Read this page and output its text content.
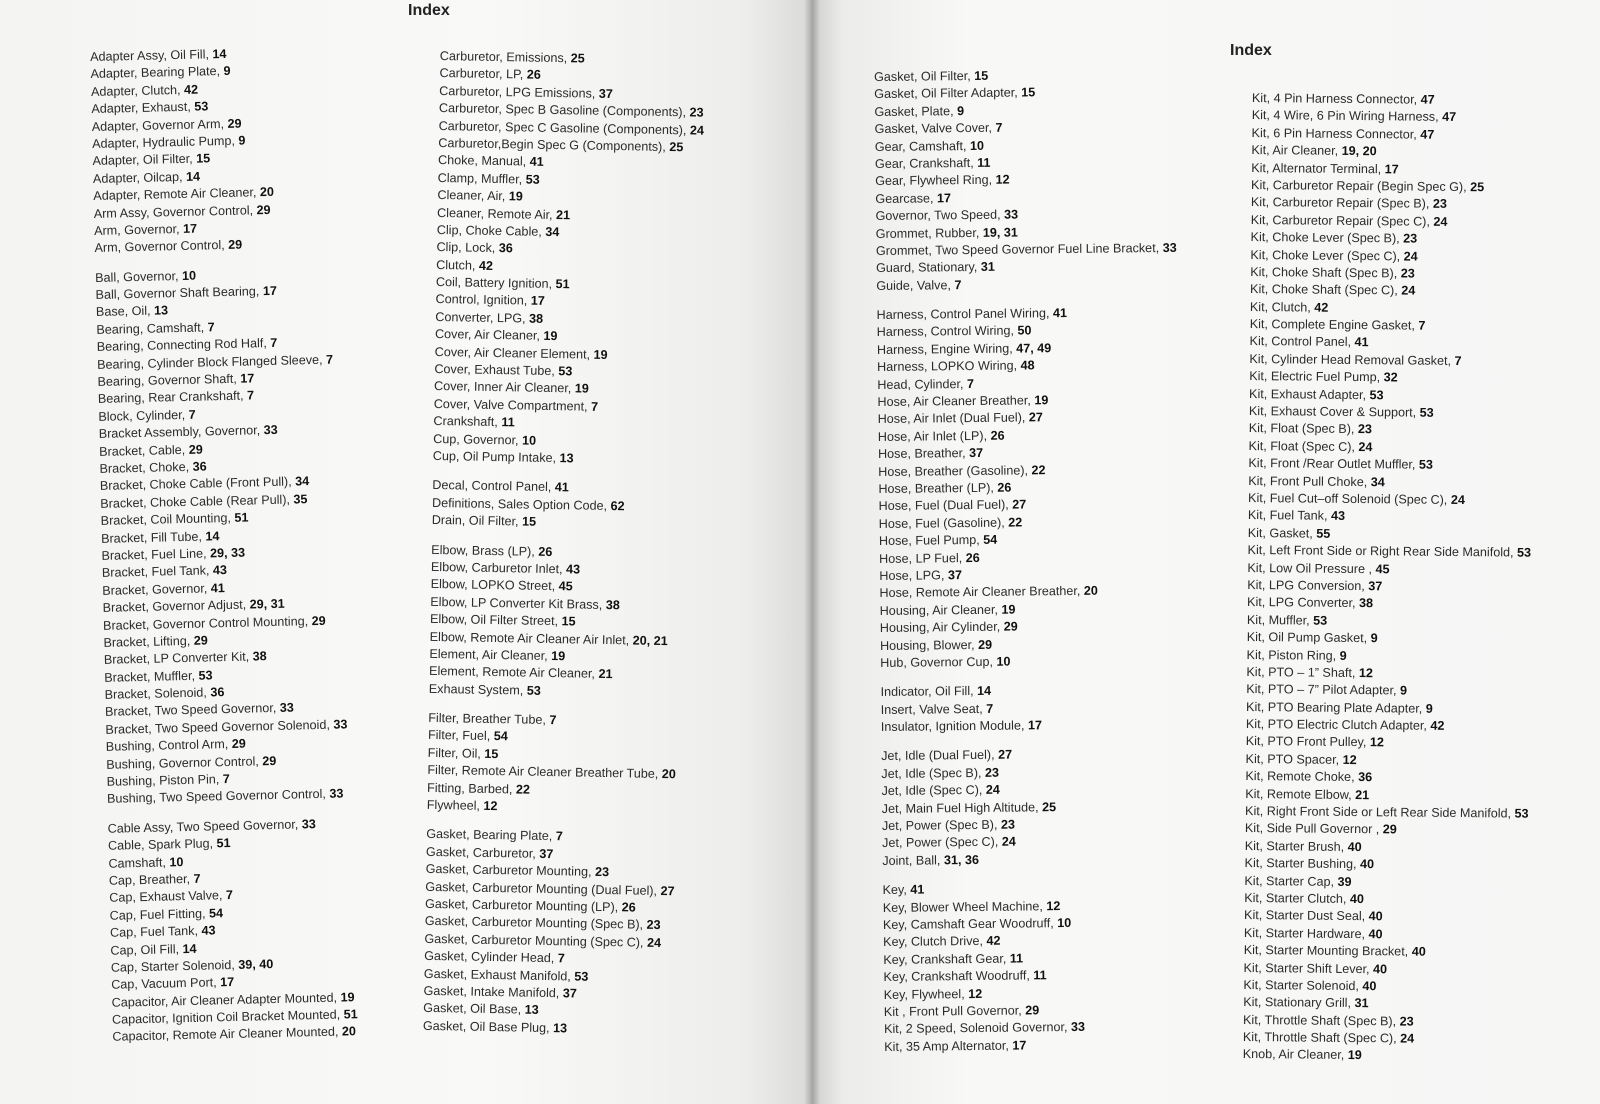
Index
Adapter Assy, Oil Fill, 14
Adapter, Bearing Plate, 9
Adapter, Clutch, 42
Adapter, Exhaust, 53
Adapter, Governor Arm, 29
Adapter, Hydraulic Pump, 9
Adapter, Oil Filter, 15
Adapter, Oilcap, 14
Adapter, Remote Air Cleaner, 20
Arm Assy, Governor Control, 29
Arm, Governor, 17
Arm, Governor Control, 29
Ball, Governor, 10
Ball, Governor Shaft Bearing, 17
Base, Oil, 13
Bearing, Camshaft, 7
Bearing, Connecting Rod Half, 7
Bearing, Cylinder Block Flanged Sleeve, 7
Bearing, Governor Shaft, 17
Bearing, Rear Crankshaft, 7
Block, Cylinder, 7
Bracket Assembly, Governor, 33
Bracket, Cable, 29
Bracket, Choke, 36
Bracket, Choke Cable (Front Pull), 34
Bracket, Choke Cable (Rear Pull), 35
Bracket, Coil Mounting, 51
Bracket, Fill Tube, 14
Bracket, Fuel Line, 29, 33
Bracket, Fuel Tank, 43
Bracket, Governor, 41
Bracket, Governor Adjust, 29, 31
Bracket, Governor Control Mounting, 29
Bracket, Lifting, 29
Bracket, LP Converter Kit, 38
Bracket, Muffler, 53
Bracket, Solenoid, 36
Bracket, Two Speed Governor, 33
Bracket, Two Speed Governor Solenoid, 33
Bushing, Control Arm, 29
Bushing, Governor Control, 29
Bushing, Piston Pin, 7
Bushing, Two Speed Governor Control, 33
Cable Assy, Two Speed Governor, 33
Cable, Spark Plug, 51
Camshaft, 10
Cap, Breather, 7
Cap, Exhaust Valve, 7
Cap, Fuel Fitting, 54
Cap, Fuel Tank, 43
Cap, Oil Fill, 14
Cap, Starter Solenoid, 39, 40
Cap, Vacuum Port, 17
Capacitor, Air Cleaner Adapter Mounted, 19
Capacitor, Ignition Coil Bracket Mounted, 51
Capacitor, Remote Air Cleaner Mounted, 20
Carburetor, Emissions, 25
Carburetor, LP, 26
Carburetor, LPG Emissions, 37
Carburetor, Spec B Gasoline (Components), 23
Carburetor, Spec C Gasoline (Components), 24
Carburetor,Begin Spec G (Components), 25
Choke, Manual, 41
Clamp, Muffler, 53
Cleaner, Air, 19
Cleaner, Remote Air, 21
Clip, Choke Cable, 34
Clip, Lock, 36
Clutch, 42
Coil, Battery Ignition, 51
Control, Ignition, 17
Converter, LPG, 38
Cover, Air Cleaner, 19
Cover, Air Cleaner Element, 19
Cover, Exhaust Tube, 53
Cover, Inner Air Cleaner, 19
Cover, Valve Compartment, 7
Crankshaft, 11
Cup, Governor, 10
Cup, Oil Pump Intake, 13
Decal, Control Panel, 41
Definitions, Sales Option Code, 62
Drain, Oil Filter, 15
Elbow, Brass (LP), 26
Elbow, Carburetor Inlet, 43
Elbow, LOPKO Street, 45
Elbow, LP Converter Kit Brass, 38
Elbow, Oil Filter Street, 15
Elbow, Remote Air Cleaner Air Inlet, 20, 21
Element, Air Cleaner, 19
Element, Remote Air Cleaner, 21
Exhaust System, 53
Filter, Breather Tube, 7
Filter, Fuel, 54
Filter, Oil, 15
Filter, Remote Air Cleaner Breather Tube, 20
Fitting, Barbed, 22
Flywheel, 12
Gasket, Bearing Plate, 7
Gasket, Carburetor, 37
Gasket, Carburetor Mounting, 23
Gasket, Carburetor Mounting (Dual Fuel), 27
Gasket, Carburetor Mounting (LP), 26
Gasket, Carburetor Mounting (Spec B), 23
Gasket, Carburetor Mounting (Spec C), 24
Gasket, Cylinder Head, 7
Gasket, Exhaust Manifold, 53
Gasket, Intake Manifold, 37
Gasket, Oil Base, 13
Gasket, Oil Base Plug, 13
Index
Gasket, Oil Filter, 15
Gasket, Oil Filter Adapter, 15
Gasket, Plate, 9
Gasket, Valve Cover, 7
Gear, Camshaft, 10
Gear, Crankshaft, 11
Gear, Flywheel Ring, 12
Gearcase, 17
Governor, Two Speed, 33
Grommet, Rubber, 19, 31
Grommet, Two Speed Governor Fuel Line Bracket, 33
Guard, Stationary, 31
Guide, Valve, 7
Harness, Control Panel Wiring, 41
Harness, Control Wiring, 50
Harness, Engine Wiring, 47, 49
Harness, LOPKO Wiring, 48
Head, Cylinder, 7
Hose, Air Cleaner Breather, 19
Hose, Air Inlet (Dual Fuel), 27
Hose, Air Inlet (LP), 26
Hose, Breather, 37
Hose, Breather (Gasoline), 22
Hose, Breather (LP), 26
Hose, Fuel (Dual Fuel), 27
Hose, Fuel (Gasoline), 22
Hose, Fuel Pump, 54
Hose, LP Fuel, 26
Hose, LPG, 37
Hose, Remote Air Cleaner Breather, 20
Housing, Air Cleaner, 19
Housing, Air Cylinder, 29
Housing, Blower, 29
Hub, Governor Cup, 10
Indicator, Oil Fill, 14
Insert, Valve Seat, 7
Insulator, Ignition Module, 17
Jet, Idle (Dual Fuel), 27
Jet, Idle (Spec B), 23
Jet, Idle (Spec C), 24
Jet, Main Fuel High Altitude, 25
Jet, Power (Spec B), 23
Jet, Power (Spec C), 24
Joint, Ball, 31, 36
Key, 41
Key, Blower Wheel Machine, 12
Key, Camshaft Gear Woodruff, 10
Key, Clutch Drive, 42
Key, Crankshaft Gear, 11
Key, Crankshaft Woodruff, 11
Key, Flywheel, 12
Kit , Front Pull Governor, 29
Kit, 2 Speed, Solenoid Governor, 33
Kit, 35 Amp Alternator, 17
Kit, 4 Pin Harness Connector, 47
Kit, 4 Wire, 6 Pin Wiring Harness, 47
Kit, 6 Pin Harness Connector, 47
Kit, Air Cleaner, 19, 20
Kit, Alternator Terminal, 17
Kit, Carburetor Repair (Begin Spec G), 25
Kit, Carburetor Repair (Spec B), 23
Kit, Carburetor Repair (Spec C), 24
Kit, Choke Lever (Spec B), 23
Kit, Choke Lever (Spec C), 24
Kit, Choke Shaft (Spec B), 23
Kit, Choke Shaft (Spec C), 24
Kit, Clutch, 42
Kit, Complete Engine Gasket, 7
Kit, Control Panel, 41
Kit, Cylinder Head Removal Gasket, 7
Kit, Electric Fuel Pump, 32
Kit, Exhaust Adapter, 53
Kit, Exhaust Cover & Support, 53
Kit, Float (Spec B), 23
Kit, Float (Spec C), 24
Kit, Front /Rear Outlet Muffler, 53
Kit, Front Pull Choke, 34
Kit, Fuel Cut–off Solenoid (Spec C), 24
Kit, Fuel Tank, 43
Kit, Gasket, 55
Kit, Left Front Side or Right Rear Side Manifold, 53
Kit, Low Oil Pressure , 45
Kit, LPG Conversion, 37
Kit, LPG Converter, 38
Kit, Muffler, 53
Kit, Oil Pump Gasket, 9
Kit, Piston Ring, 9
Kit, PTO – 1” Shaft, 12
Kit, PTO – 7” Pilot Adapter, 9
Kit, PTO Bearing Plate Adapter, 9
Kit, PTO Electric Clutch Adapter, 42
Kit, PTO Front Pulley, 12
Kit, PTO Spacer, 12
Kit, Remote Choke, 36
Kit, Remote Elbow, 21
Kit, Right Front Side or Left Rear Side Manifold, 53
Kit, Side Pull Governor , 29
Kit, Starter Brush, 40
Kit, Starter Bushing, 40
Kit, Starter Cap, 39
Kit, Starter Clutch, 40
Kit, Starter Dust Seal, 40
Kit, Starter Hardware, 40
Kit, Starter Mounting Bracket, 40
Kit, Starter Shift Lever, 40
Kit, Starter Solenoid, 40
Kit, Stationary Grill, 31
Kit, Throttle Shaft (Spec B), 23
Kit, Throttle Shaft (Spec C), 24
Knob, Air Cleaner, 19
